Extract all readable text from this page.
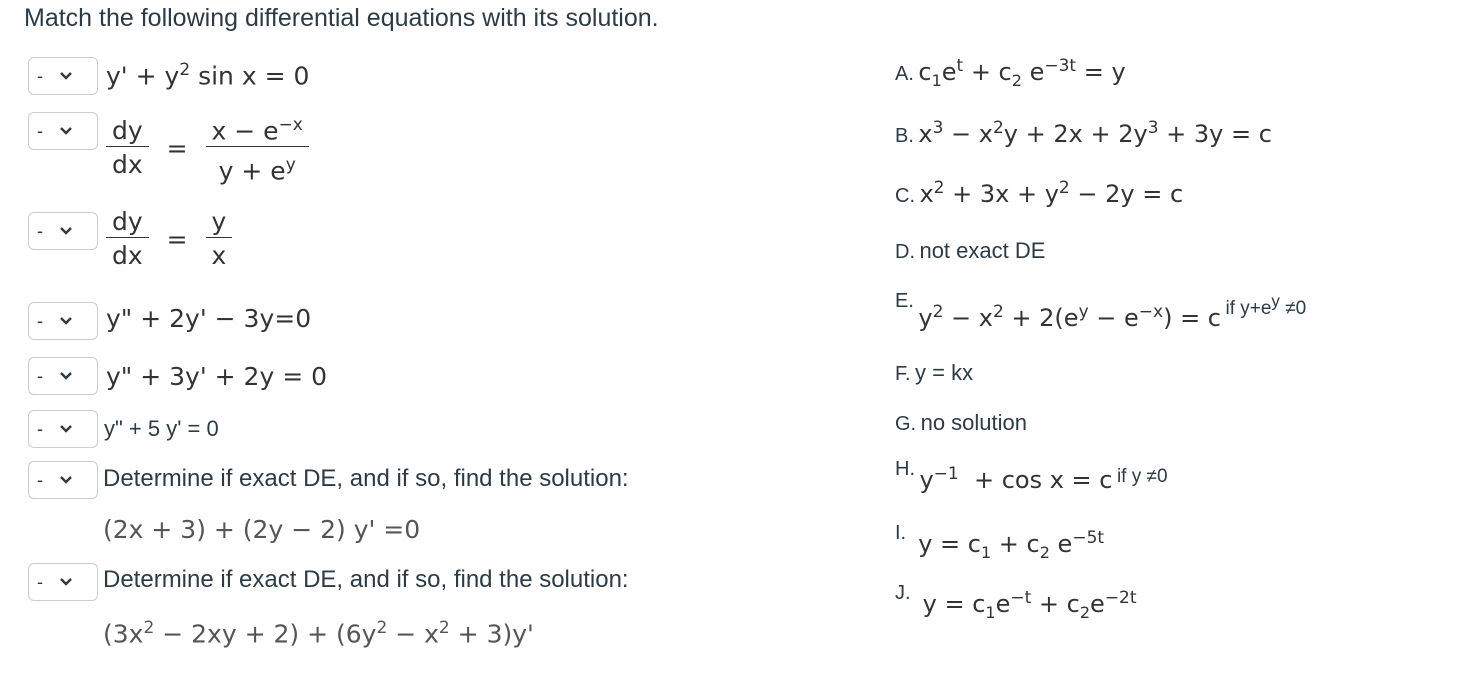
Match the following differential equations with its solution.
-	$y' + y^2$ sin x = 0
-	$\frac{dy}{dx} = \frac{x - e^{-x}}{y + e^y}$
-	$\frac{dy}{dx} = \frac{y}{x}$
-	y" + 2y' − 3y=0
-	y" + 3y' + 2y = 0
-	y" + 5 y' = 0
-	Determine if exact DE, and if so, find the solution:
(2x + 3) + (2y − 2) y' =0
-	Determine if exact DE, and if so, find the solution:
$(3x^2 - 2xy + 2) + (6y^2 - x^2 + 3)y'$
A. $c_1e^t + c_2$ $e^{-3t} = y$
B. $x^3 - x^2y + 2x + 2y^3 + 3y = c$
C. $x^2 + 3x + y^2 - 2y = c$
D. not exact DE
E. $y^2 - x^2 + 2(e^y - e^{-x}) = c$ if $y+e^y \ne 0$
F. y = kx
G. no solution
H. $y^{-1} + \cos x = c$ if y ≠0
I.  $y = c_1 + c_2$ $e^{-5t}$
J.  $y = c_1e^{-t} + c_2e^{-2t}$
